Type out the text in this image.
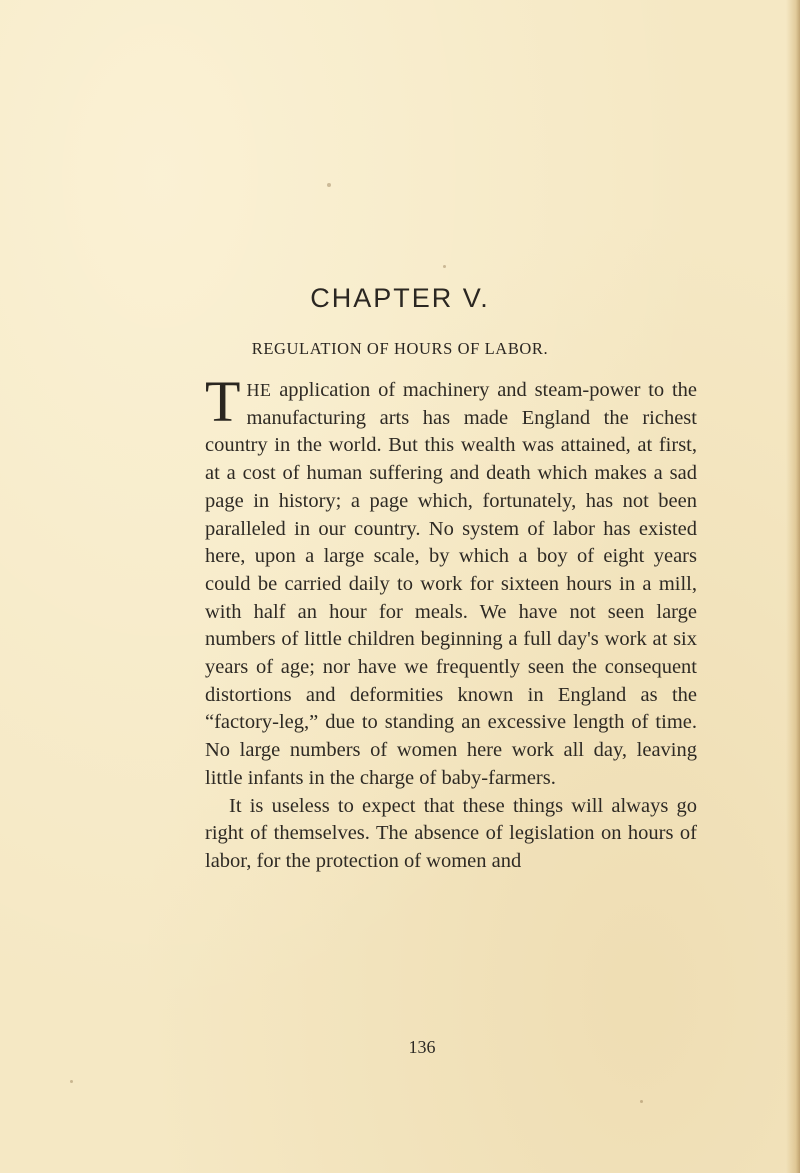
CHAPTER V.
REGULATION OF HOURS OF LABOR.

THE application of machinery and steam-power to the manufacturing arts has made England the richest country in the world. But this wealth was attained, at first, at a cost of human suffering and death which makes a sad page in history; a page which, fortunately, has not been paralleled in our country. No system of labor has existed here, upon a large scale, by which a boy of eight years could be carried daily to work for sixteen hours in a mill, with half an hour for meals. We have not seen large numbers of little children beginning a full day's work at six years of age; nor have we frequently seen the consequent distortions and deformities known in England as the “factory-leg,” due to standing an excessive length of time. No large numbers of women here work all day, leaving little infants in the charge of baby-farmers.

It is useless to expect that these things will always go right of themselves. The absence of legislation on hours of labor, for the protection of women and

136
